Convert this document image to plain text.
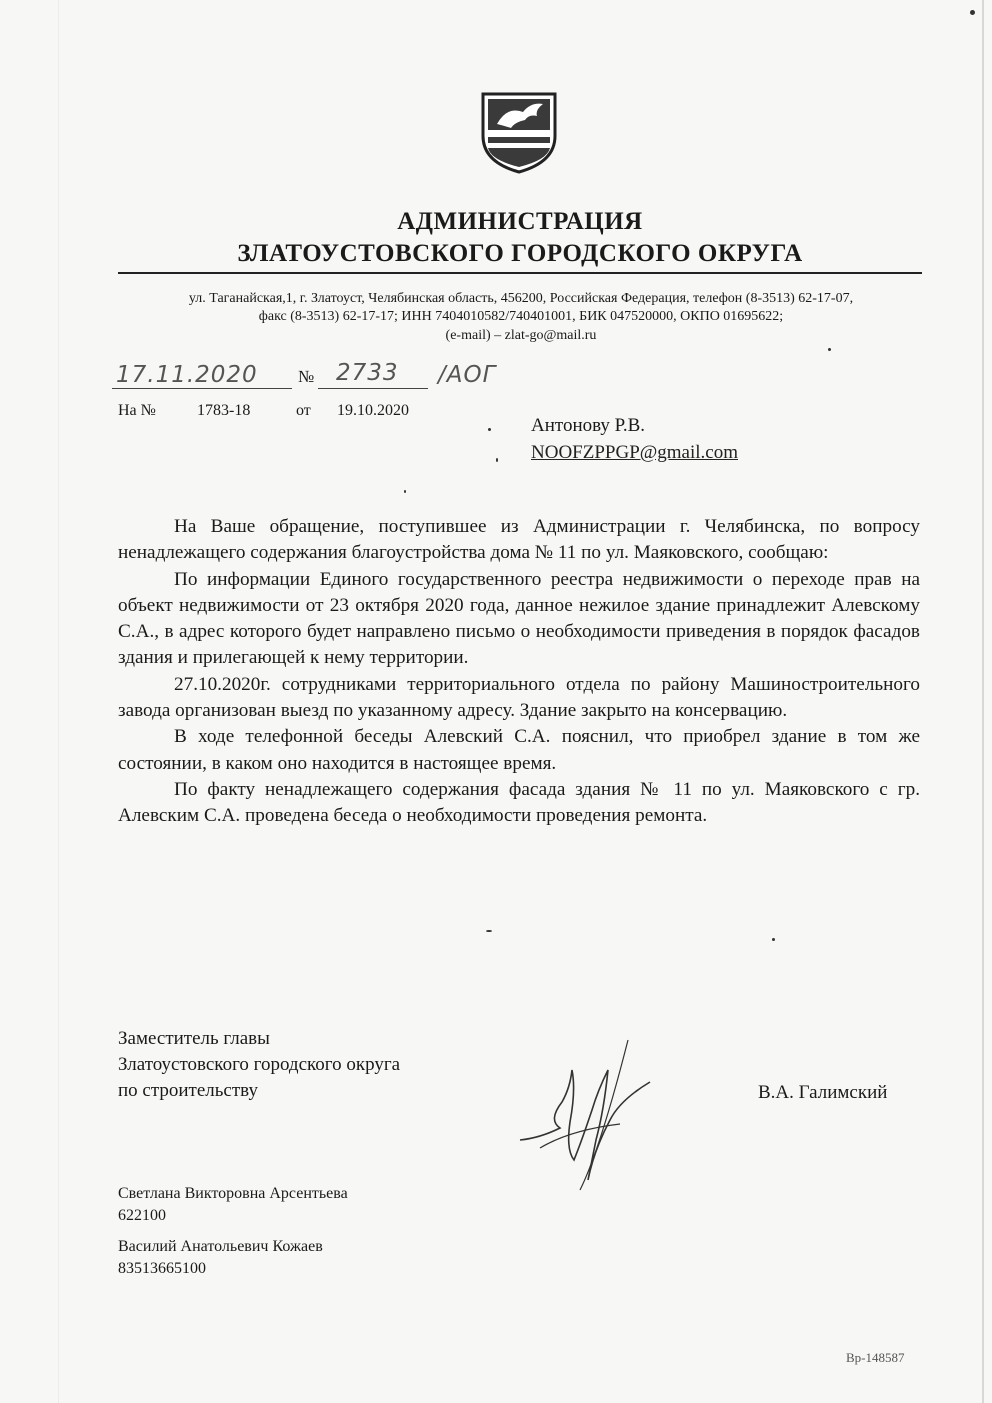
АДМИНИСТРАЦИЯ
ЗЛАТОУСТОВСКОГО ГОРОДСКОГО ОКРУГА
ул. Таганайская,1, г. Златоуст, Челябинская область, 456200, Российская Федерация, телефон (8-3513) 62-17-07,
факс (8-3513) 62-17-17; ИНН 7404010582/740401001, БИК 047520000, ОКПО 01695622;
(e-mail) – zlat-go@mail.ru
17.11.2020 № 2733 /АОГ
На №	1783-18	от 19.10.2020
Антонову Р.В.
NOOFZPPGP@gmail.com

На Ваше обращение, поступившее из Администрации г. Челябинска, по вопросу ненадлежащего содержания благоустройства дома № 11 по ул. Маяковского, сообщаю:

По информации Единого государственного реестра недвижимости о переходе прав на объект недвижимости от 23 октября 2020 года, данное нежилое здание принадлежит Алевскому С.А., в адрес которого будет направлено письмо о необходимости приведения в порядок фасадов здания и прилегающей к нему территории.

27.10.2020г. сотрудниками территориального отдела по району Машиностроительного завода организован выезд по указанному адресу. Здание закрыто на консервацию.

В ходе телефонной беседы Алевский С.А. пояснил, что приобрел здание в том же состоянии, в каком оно находится в настоящее время.

По факту ненадлежащего содержания фасада здания № 11 по ул. Маяковского с гр. Алевским С.А. проведена беседа о необходимости проведения ремонта.

Заместитель главы
Златоустовского городского округа
по строительству	В.А. Галимский
Светлана Викторовна Арсентьева
622100
Василий Анатольевич Кожаев
83513665100
Вр-148587
